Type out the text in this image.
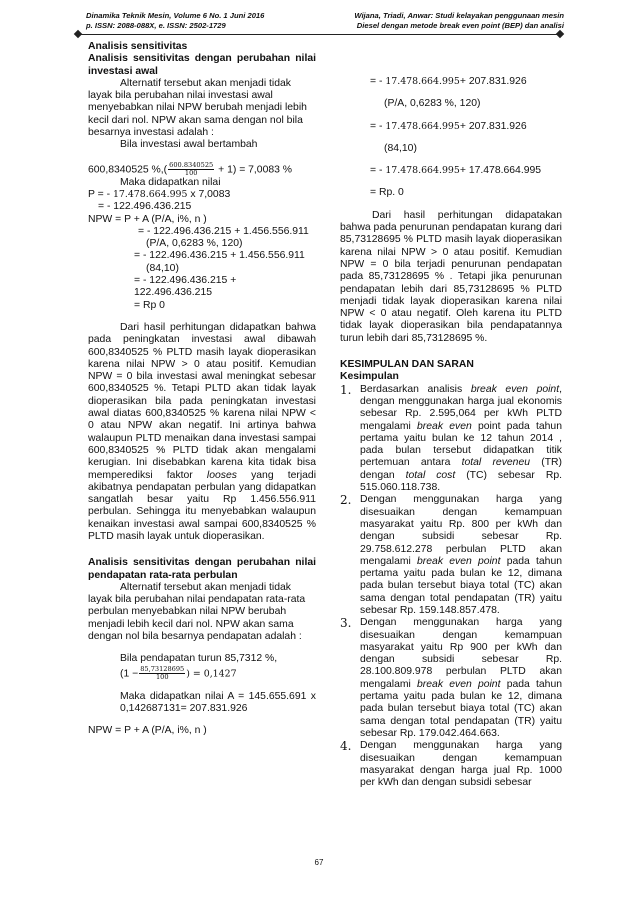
Dinamika Teknik Mesin, Volume 6 No. 1 Juni 2016
p. ISSN: 2088-088X, e. ISSN: 2502-1729
Wijana, Triadi, Anwar: Studi kelayakan penggunaan mesin
Diesel dengan metode break even point (BEP) dan analisi

Analisis sensitivitas

Analisis sensitivitas dengan perubahan nilai investasi awal

Alternatif tersebut akan menjadi tidak layak bila perubahan nilai investasi awal menyebabkan nilai NPW berubah menjadi lebih kecil dari nol. NPW akan sama dengan nol bila besarnya investasi adalah :

Bila investasi awal bertambah

600,8340525 %,( $\frac{600.8340525}{100} + 1) = 7,0083$ %

Maka didapatkan nilai

P = - 17.478.664.995 x 7,0083

= - 122.496.436.215

NPW = P + A (P/A, i%, n )

= - 122.496.436.215 + 1.456.556.911

(P/A, 0,6283 %, 120)

= - 122.496.436.215 + 1.456.556.911

(84,10)

= - 122.496.436.215 + 122.496.436.215

= Rp 0

Dari hasil perhitungan didapatkan bahwa pada peningkatan investasi awal dibawah 600,8340525 % PLTD masih layak dioperasikan karena nilai NPW > 0 atau positif. Kemudian NPW = 0 bila investasi awal meningkat sebesar 600,8340525 %. Tetapi PLTD akan tidak layak dioperasikan bila pada peningkatan investasi awal diatas 600,8340525 % karena nilai NPW < 0 atau NPW akan negatif. Ini artinya bahwa walaupun PLTD menaikan dana investasi sampai 600,8340525 % PLTD tidak akan mengalami kerugian. Ini disebabkan karena kita tidak bisa memperediksi faktor looses yang terjadi akibatnya pendapatan perbulan yang didapatkan sangatlah besar yaitu Rp 1.456.556.911 perbulan. Sehingga itu menyebabkan walaupun kenaikan investasi awal sampai 600,8340525 % PLTD masih layak untuk dioperasikan.

Analisis sensitivitas dengan perubahan nilai pendapatan rata-rata perbulan

Alternatif tersebut akan menjadi tidak layak bila perubahan nilai pendapatan rata-rata perbulan menyebabkan nilai NPW berubah menjadi lebih kecil dari nol. NPW akan sama dengan nol bila besarnya pendapatan adalah :

Bila pendapatan turun 85,7312 %,

($1 - \frac{85,73128695}{100}$ ) = 0,1427

Maka didapatkan nilai A = 145.655.691 x 0,142687131= 207.831.926

NPW = P + A (P/A, i%, n )

= - 17.478.664.995+ 207.831.926

(P/A, 0,6283 %, 120)

= - 17.478.664.995+ 207.831.926

(84,10)

= - 17.478.664.995+ 17.478.664.995

= Rp. 0

Dari hasil perhitungan didapatakan bahwa pada penurunan pendapatan kurang dari 85,73128695 % PLTD masih layak dioperasikan karena nilai NPW > 0 atau positif. Kemudian NPW = 0 bila terjadi penurunan pendapatan pada 85,73128695 % . Tetapi jika penurunan pendapatan lebih dari 85,73128695 % PLTD menjadi tidak layak dioperasikan karena nilai NPW < 0 atau negatif. Oleh karena itu PLTD tidak layak dioperasikan bila pendapatannya turun lebih dari 85,73128695 %.

KESIMPULAN DAN SARAN

Kesimpulan

1. Berdasarkan analisis break even point, dengan menggunakan harga jual ekonomis sebesar Rp. 2.595,064 per kWh PLTD mengalami break even point pada tahun pertama yaitu bulan ke 12 tahun 2014 , pada bulan tersebut didapatkan titik pertemuan antara total reveneu (TR) dengan total cost (TC) sebesar Rp. 515.060.118.738.
2. Dengan menggunakan harga yang disesuaikan dengan kemampuan masyarakat yaitu Rp. 800 per kWh dan dengan subsidi sebesar Rp. 29.758.612.278 perbulan PLTD akan mengalami break even point pada tahun pertama yaitu pada bulan ke 12, dimana pada bulan tersebut biaya total (TC) akan sama dengan total pendapatan (TR) yaitu sebesar Rp. 159.148.857.478.
3. Dengan menggunakan harga yang disesuaikan dengan kemampuan masyarakat yaitu Rp 900 per kWh dan dengan subsidi sebesar Rp. 28.100.809.978 perbulan PLTD akan mengalami break even point pada tahun pertama yaitu pada bulan ke 12, dimana pada bulan tersebut biaya total (TC) akan sama dengan total pendapatan (TR) yaitu sebesar Rp. 179.042.464.663.
4. Dengan menggunakan harga yang disesuaikan dengan kemampuan masyarakat dengan harga jual Rp. 1000 per kWh dan dengan subsidi sebesar
67
